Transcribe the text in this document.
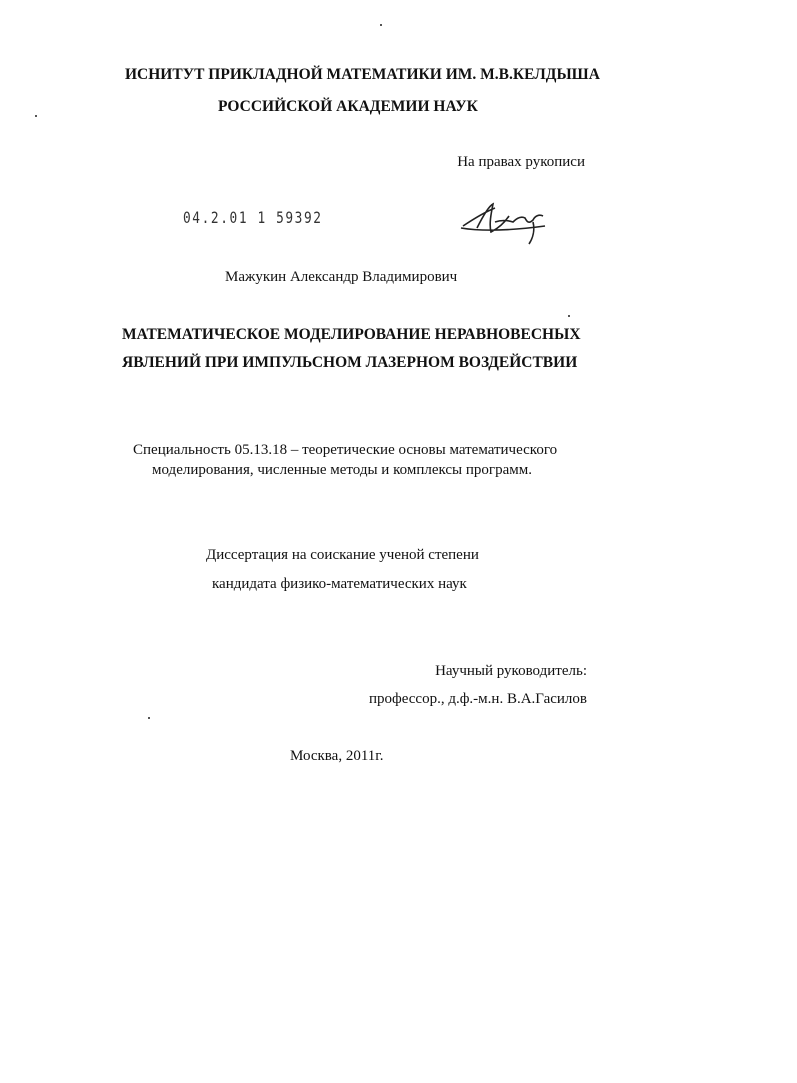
ИСНИТУТ ПРИКЛАДНОЙ МАТЕМАТИКИ ИМ. М.В.КЕЛДЫША
РОССИЙСКОЙ АКАДЕМИИ НАУК
На правах рукописи
04.2.01 1 59392
Мажукин Александр Владимирович
МАТЕМАТИЧЕСКОЕ МОДЕЛИРОВАНИЕ НЕРАВНОВЕСНЫХ
ЯВЛЕНИЙ ПРИ ИМПУЛЬСНОМ ЛАЗЕРНОМ ВОЗДЕЙСТВИИ
Специальность 05.13.18 – теоретические основы математического
моделирования, численные методы и комплексы программ.
Диссертация на соискание ученой степени
кандидата физико-математических наук
Научный руководитель:
профессор., д.ф.-м.н. В.А.Гасилов
Москва, 2011г.
